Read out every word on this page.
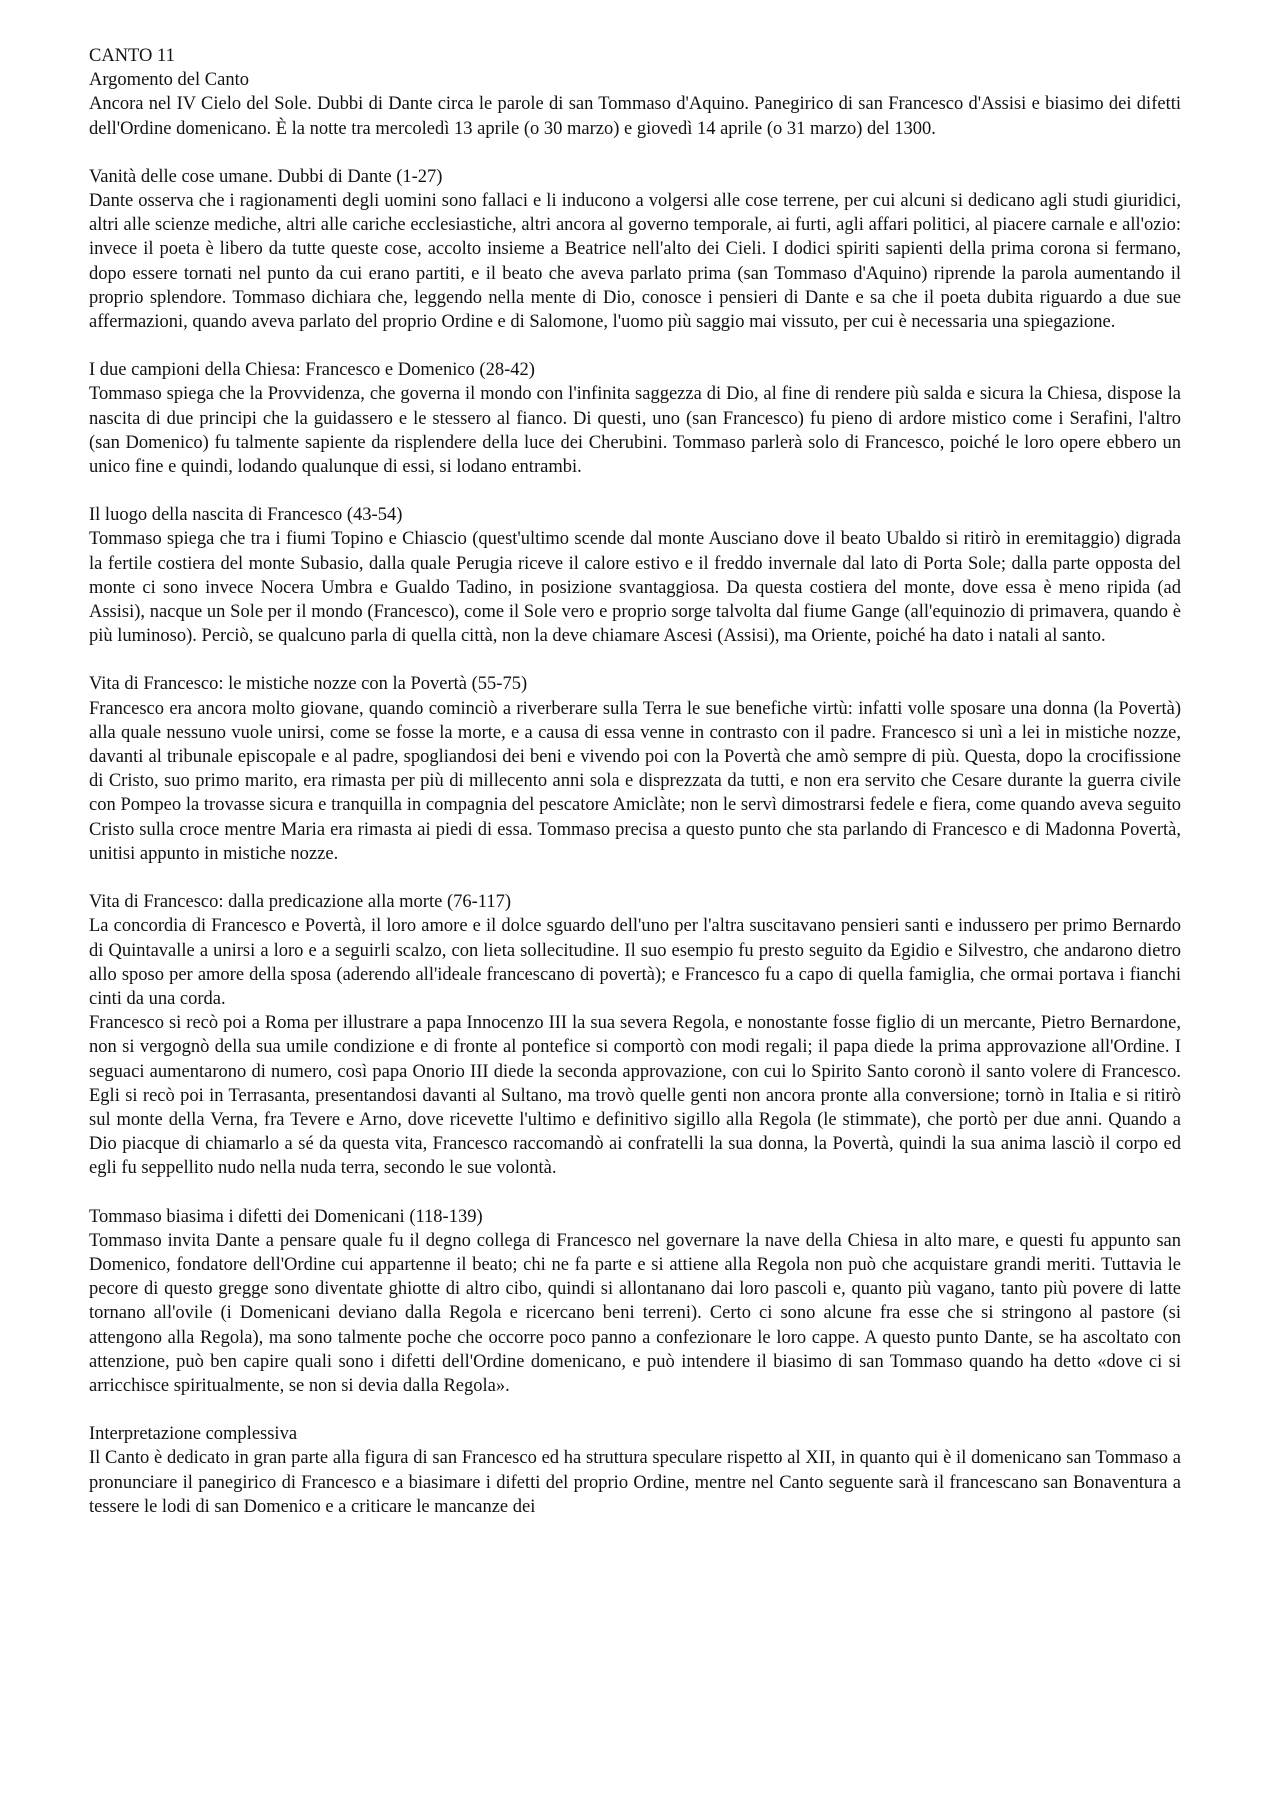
CANTO 11

Argomento del Canto

Ancora nel IV Cielo del Sole. Dubbi di Dante circa le parole di san Tommaso d'Aquino. Panegirico di san Francesco d'Assisi e biasimo dei difetti dell'Ordine domenicano. È la notte tra mercoledì 13 aprile (o 30 marzo) e giovedì 14 aprile (o 31 marzo) del 1300.

Vanità delle cose umane. Dubbi di Dante (1-27)

Dante osserva che i ragionamenti degli uomini sono fallaci e li inducono a volgersi alle cose terrene, per cui alcuni si dedicano agli studi giuridici, altri alle scienze mediche, altri alle cariche ecclesiastiche, altri ancora al governo temporale, ai furti, agli affari politici, al piacere carnale e all'ozio: invece il poeta è libero da tutte queste cose, accolto insieme a Beatrice nell'alto dei Cieli. I dodici spiriti sapienti della prima corona si fermano, dopo essere tornati nel punto da cui erano partiti, e il beato che aveva parlato prima (san Tommaso d'Aquino) riprende la parola aumentando il proprio splendore. Tommaso dichiara che, leggendo nella mente di Dio, conosce i pensieri di Dante e sa che il poeta dubita riguardo a due sue affermazioni, quando aveva parlato del proprio Ordine e di Salomone, l'uomo più saggio mai vissuto, per cui è necessaria una spiegazione.

I due campioni della Chiesa: Francesco e Domenico (28-42)

Tommaso spiega che la Provvidenza, che governa il mondo con l'infinita saggezza di Dio, al fine di rendere più salda e sicura la Chiesa, dispose la nascita di due principi che la guidassero e le stessero al fianco. Di questi, uno (san Francesco) fu pieno di ardore mistico come i Serafini, l'altro (san Domenico) fu talmente sapiente da risplendere della luce dei Cherubini. Tommaso parlerà solo di Francesco, poiché le loro opere ebbero un unico fine e quindi, lodando qualunque di essi, si lodano entrambi.

Il luogo della nascita di Francesco (43-54)

Tommaso spiega che tra i fiumi Topino e Chiascio (quest'ultimo scende dal monte Ausciano dove il beato Ubaldo si ritirò in eremitaggio) digrada la fertile costiera del monte Subasio, dalla quale Perugia riceve il calore estivo e il freddo invernale dal lato di Porta Sole; dalla parte opposta del monte ci sono invece Nocera Umbra e Gualdo Tadino, in posizione svantaggiosa. Da questa costiera del monte, dove essa è meno ripida (ad Assisi), nacque un Sole per il mondo (Francesco), come il Sole vero e proprio sorge talvolta dal fiume Gange (all'equinozio di primavera, quando è più luminoso). Perciò, se qualcuno parla di quella città, non la deve chiamare Ascesi (Assisi), ma Oriente, poiché ha dato i natali al santo.

Vita di Francesco: le mistiche nozze con la Povertà (55-75)

Francesco era ancora molto giovane, quando cominciò a riverberare sulla Terra le sue benefiche virtù: infatti volle sposare una donna (la Povertà) alla quale nessuno vuole unirsi, come se fosse la morte, e a causa di essa venne in contrasto con il padre. Francesco si unì a lei in mistiche nozze, davanti al tribunale episcopale e al padre, spogliandosi dei beni e vivendo poi con la Povertà che amò sempre di più. Questa, dopo la crocifissione di Cristo, suo primo marito, era rimasta per più di millecento anni sola e disprezzata da tutti, e non era servito che Cesare durante la guerra civile con Pompeo la trovasse sicura e tranquilla in compagnia del pescatore Amiclàte; non le servì dimostrarsi fedele e fiera, come quando aveva seguito Cristo sulla croce mentre Maria era rimasta ai piedi di essa. Tommaso precisa a questo punto che sta parlando di Francesco e di Madonna Povertà, unitisi appunto in mistiche nozze.

Vita di Francesco: dalla predicazione alla morte (76-117)

La concordia di Francesco e Povertà, il loro amore e il dolce sguardo dell'uno per l'altra suscitavano pensieri santi e indussero per primo Bernardo di Quintavalle a unirsi a loro e a seguirli scalzo, con lieta sollecitudine. Il suo esempio fu presto seguito da Egidio e Silvestro, che andarono dietro allo sposo per amore della sposa (aderendo all'ideale francescano di povertà); e Francesco fu a capo di quella famiglia, che ormai portava i fianchi cinti da una corda.

Francesco si recò poi a Roma per illustrare a papa Innocenzo III la sua severa Regola, e nonostante fosse figlio di un mercante, Pietro Bernardone, non si vergognò della sua umile condizione e di fronte al pontefice si comportò con modi regali; il papa diede la prima approvazione all'Ordine. I seguaci aumentarono di numero, così papa Onorio III diede la seconda approvazione, con cui lo Spirito Santo coronò il santo volere di Francesco. Egli si recò poi in Terrasanta, presentandosi davanti al Sultano, ma trovò quelle genti non ancora pronte alla conversione; tornò in Italia e si ritirò sul monte della Verna, fra Tevere e Arno, dove ricevette l'ultimo e definitivo sigillo alla Regola (le stimmate), che portò per due anni. Quando a Dio piacque di chiamarlo a sé da questa vita, Francesco raccomandò ai confratelli la sua donna, la Povertà, quindi la sua anima lasciò il corpo ed egli fu seppellito nudo nella nuda terra, secondo le sue volontà.

Tommaso biasima i difetti dei Domenicani (118-139)

Tommaso invita Dante a pensare quale fu il degno collega di Francesco nel governare la nave della Chiesa in alto mare, e questi fu appunto san Domenico, fondatore dell'Ordine cui appartenne il beato; chi ne fa parte e si attiene alla Regola non può che acquistare grandi meriti. Tuttavia le pecore di questo gregge sono diventate ghiotte di altro cibo, quindi si allontanano dai loro pascoli e, quanto più vagano, tanto più povere di latte tornano all'ovile (i Domenicani deviano dalla Regola e ricercano beni terreni). Certo ci sono alcune fra esse che si stringono al pastore (si attengono alla Regola), ma sono talmente poche che occorre poco panno a confezionare le loro cappe. A questo punto Dante, se ha ascoltato con attenzione, può ben capire quali sono i difetti dell'Ordine domenicano, e può intendere il biasimo di san Tommaso quando ha detto «dove ci si arricchisce spiritualmente, se non si devia dalla Regola».

Interpretazione complessiva

Il Canto è dedicato in gran parte alla figura di san Francesco ed ha struttura speculare rispetto al XII, in quanto qui è il domenicano san Tommaso a pronunciare il panegirico di Francesco e a biasimare i difetti del proprio Ordine, mentre nel Canto seguente sarà il francescano san Bonaventura a tessere le lodi di san Domenico e a criticare le mancanze dei
